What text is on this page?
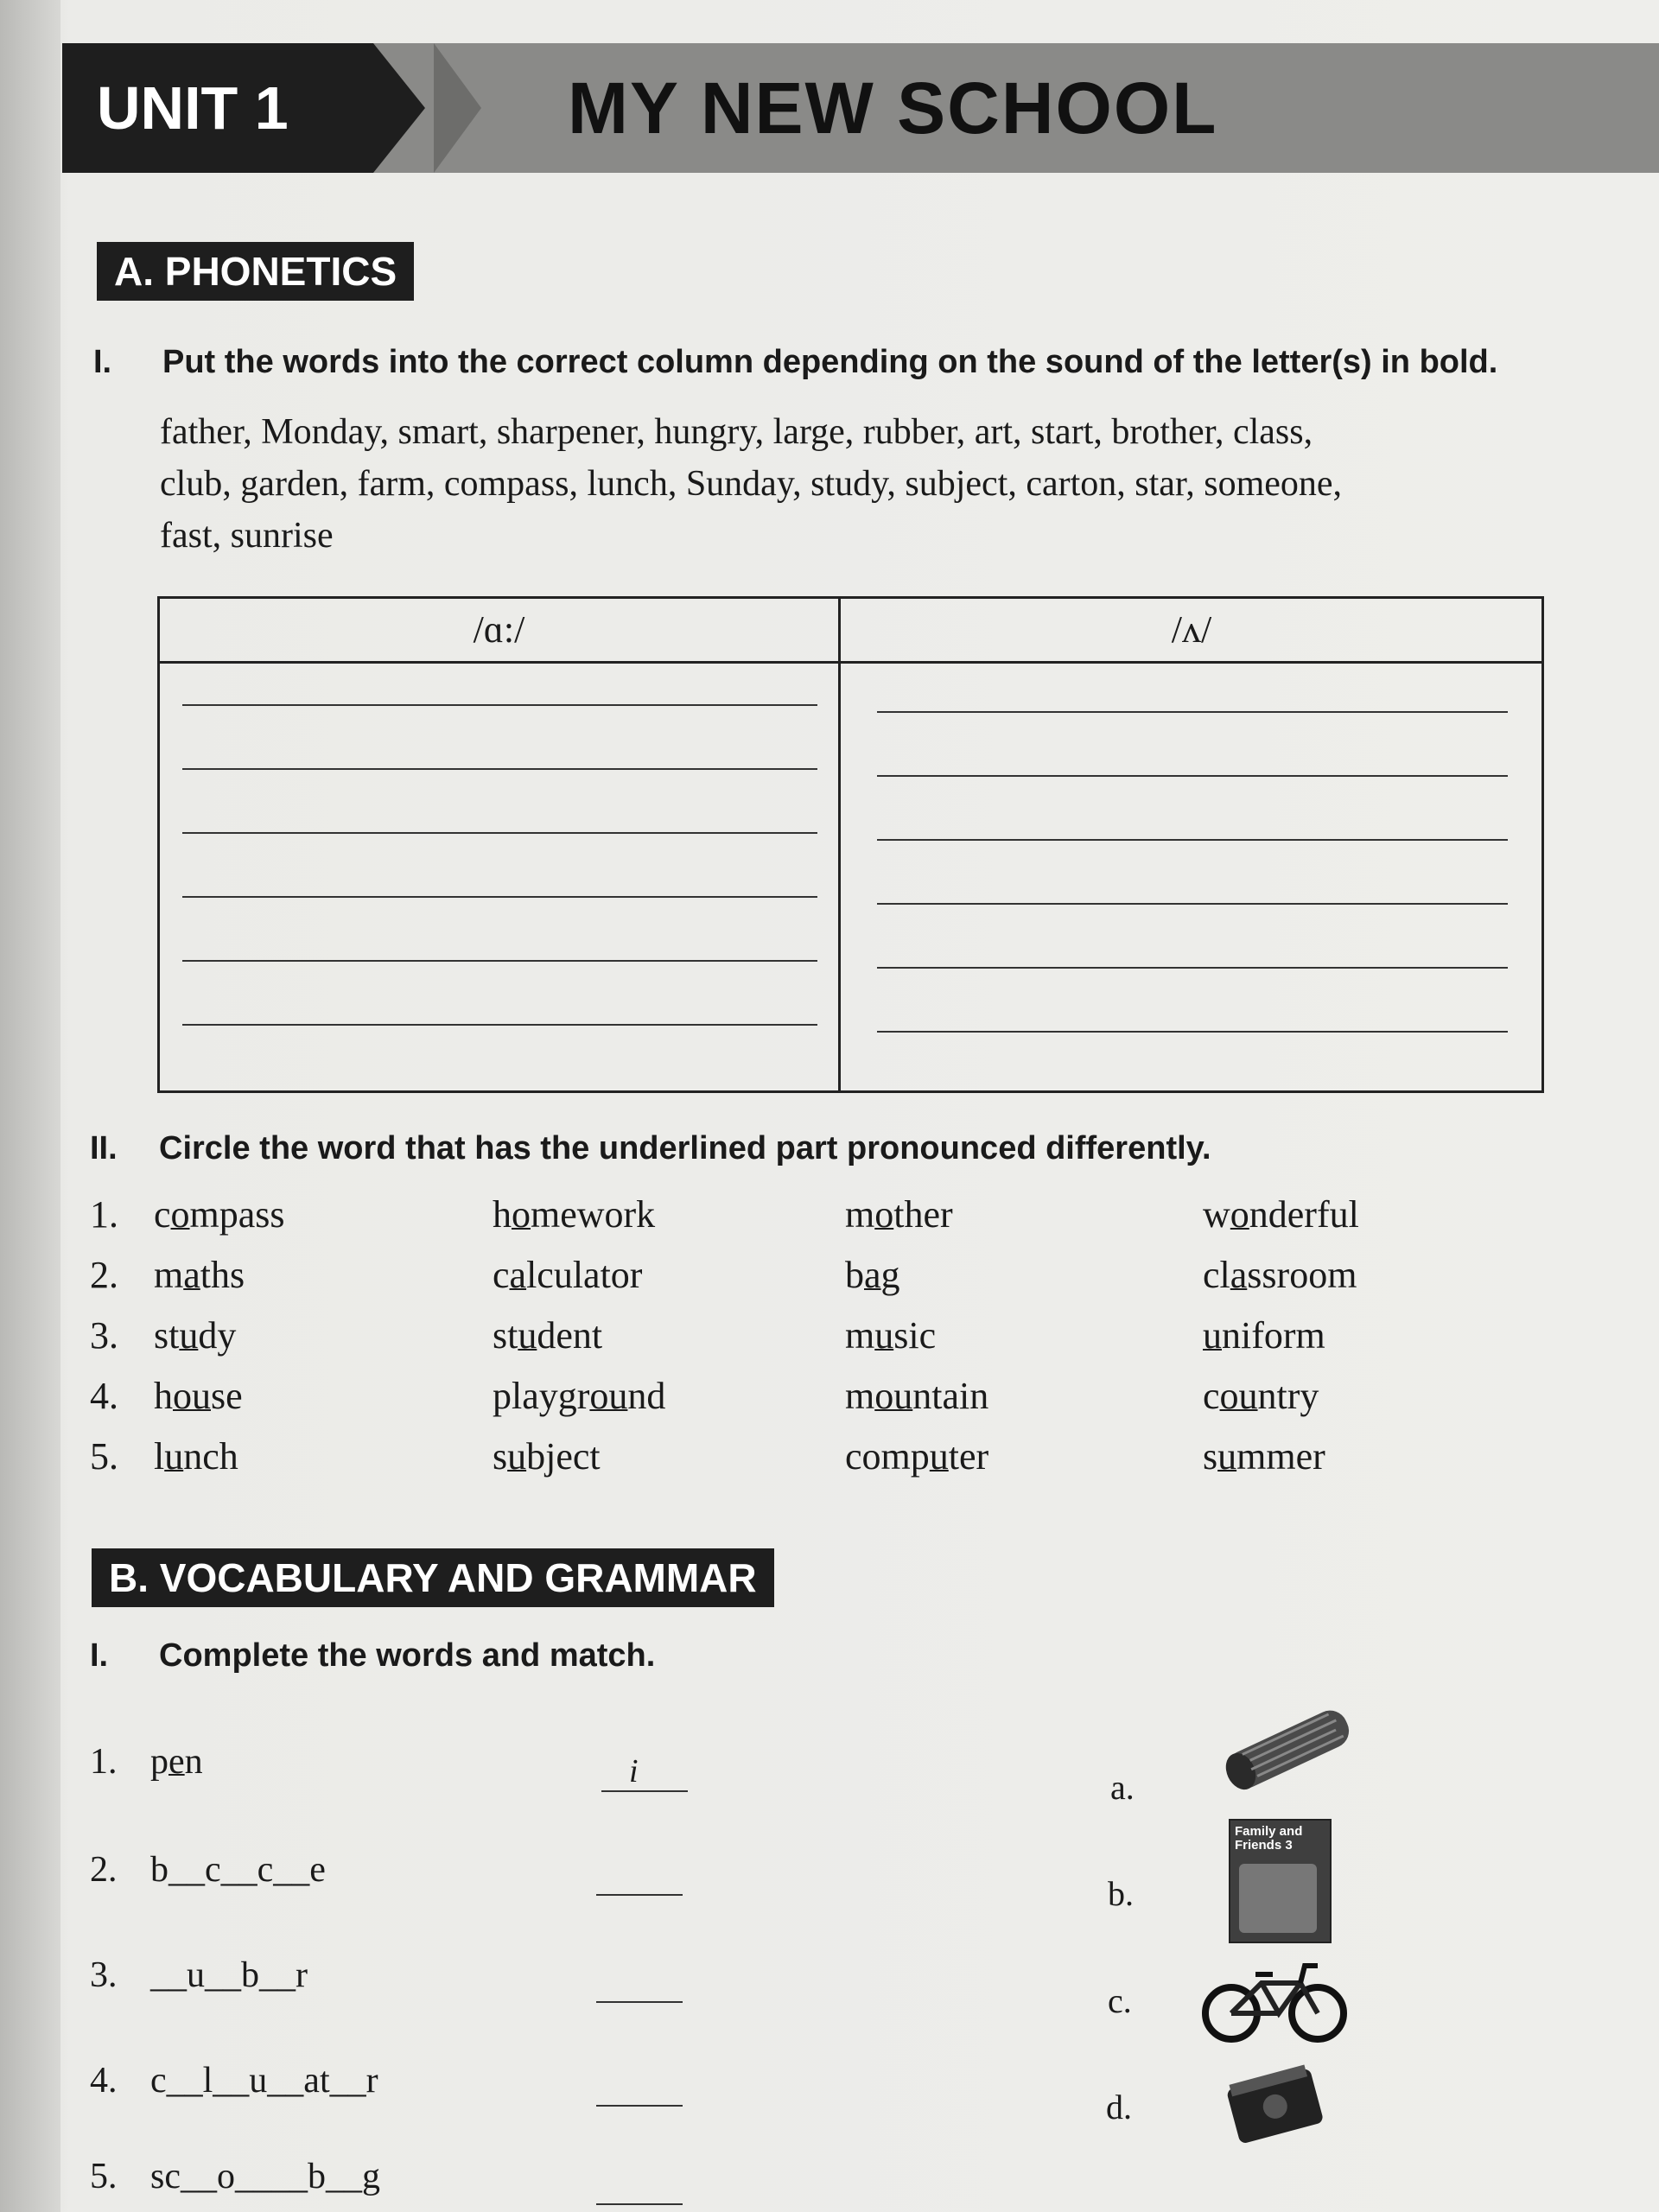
UNIT 1	MY NEW SCHOOL
A. PHONETICS
I. Put the words into the correct column depending on the sound of the letter(s) in bold.
father, Monday, smart, sharpener, hungry, large, rubber, art, start, brother, class,
club, garden, farm, compass, lunch, Sunday, study, subject, carton, star, someone,
fast, sunrise
/ɑ:/	/ʌ/
II. Circle the word that has the underlined part pronounced differently.
1. compass	homework	mother	wonderful
2. maths	calculator	bag	classroom
3. study	student	music	uniform
4. house	playground	mountain	country
5. lunch	subject	computer	summer
B. VOCABULARY AND GRAMMAR
I. Complete the words and match.
1. pen	i	a.
2. b__c__c__e
b.
3. __u__b__r
c.
4. c__l__u__at__r
d.
5. sc__o____b__g
Family and Friends 3
